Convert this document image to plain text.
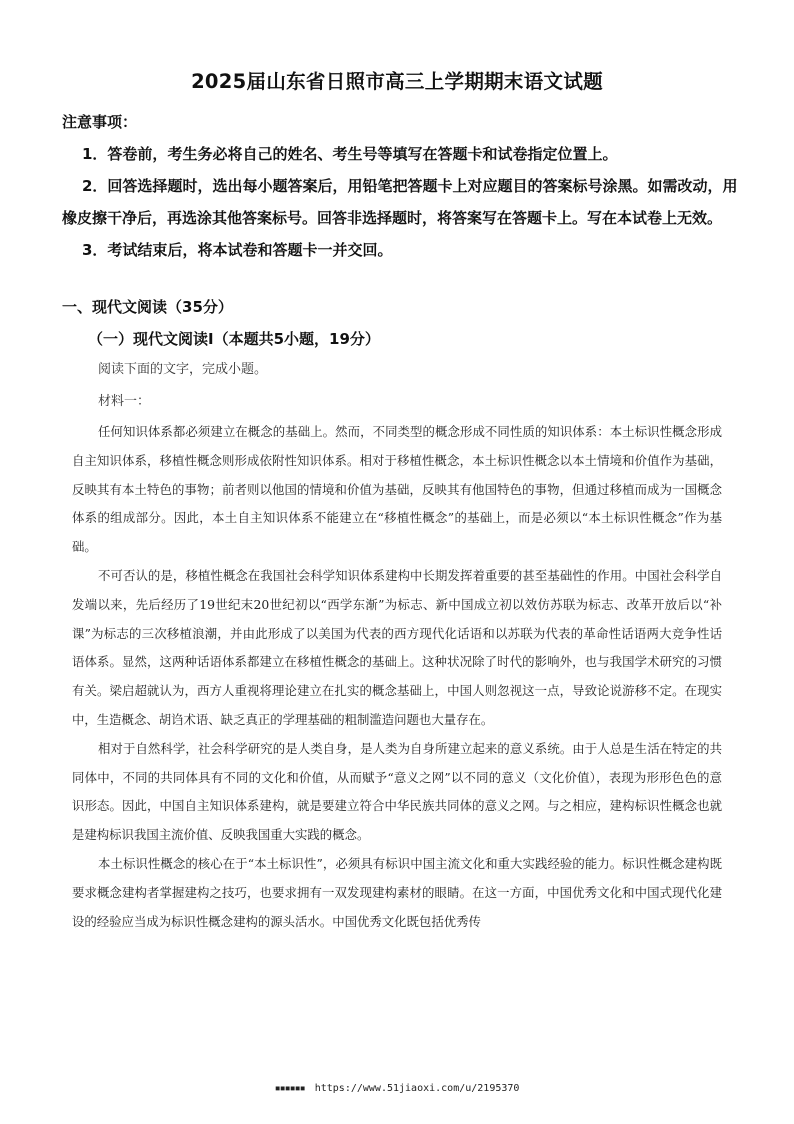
2025届山东省日照市高三上学期期末语文试题

注意事项：

1．答卷前，考生务必将自己的姓名、考生号等填写在答题卡和试卷指定位置上。

2．回答选择题时，选出每小题答案后，用铅笔把答题卡上对应题目的答案标号涂黑。如需改动，用橡皮擦干净后，再选涂其他答案标号。回答非选择题时，将答案写在答题卡上。写在本试卷上无效。

3．考试结束后，将本试卷和答题卡一并交回。

一、现代文阅读（35分）
（一）现代文阅读Ⅰ（本题共5小题，19分）
阅读下面的文字，完成小题。
材料一：

任何知识体系都必须建立在概念的基础上。然而，不同类型的概念形成不同性质的知识体系：本土标识性概念形成自主知识体系，移植性概念则形成依附性知识体系。相对于移植性概念，本土标识性概念以本土情境和价值作为基础，反映其有本土特色的事物；前者则以他国的情境和价值为基础，反映其有他国特色的事物，但通过移植而成为一国概念体系的组成部分。因此，本土自主知识体系不能建立在“移植性概念”的基础上，而是必须以“本土标识性概念”作为基础。

不可否认的是，移植性概念在我国社会科学知识体系建构中长期发挥着重要的甚至基础性的作用。中国社会科学自发端以来，先后经历了19世纪末20世纪初以“西学东渐”为标志、新中国成立初以效仿苏联为标志、改革开放后以“补课”为标志的三次移植浪潮，并由此形成了以美国为代表的西方现代化话语和以苏联为代表的革命性话语两大竞争性话语体系。显然，这两种话语体系都建立在移植性概念的基础上。这种状况除了时代的影响外，也与我国学术研究的习惯有关。梁启超就认为，西方人重视将理论建立在扎实的概念基础上，中国人则忽视这一点，导致论说游移不定。在现实中，生造概念、胡诌术语、缺乏真正的学理基础的粗制滥造问题也大量存在。

相对于自然科学，社会科学研究的是人类自身，是人类为自身所建立起来的意义系统。由于人总是生活在特定的共同体中，不同的共同体具有不同的文化和价值，从而赋予“意义之网”以不同的意义（文化价值），表现为形形色色的意识形态。因此，中国自主知识体系建构，就是要建立符合中华民族共同体的意义之网。与之相应，建构标识性概念也就是建构标识我国主流价值、反映我国重大实践的概念。

本土标识性概念的核心在于“本土标识性”，必须具有标识中国主流文化和重大实践经验的能力。标识性概念建构既要求概念建构者掌握建构之技巧，也要求拥有一双发现建构素材的眼睛。在这一方面，中国优秀文化和中国式现代化建设的经验应当成为标识性概念建构的源头活水。中国优秀文化既包括优秀传

▪▪▪▪▪▪ https://www.51jiaoxi.com/u/2195370
